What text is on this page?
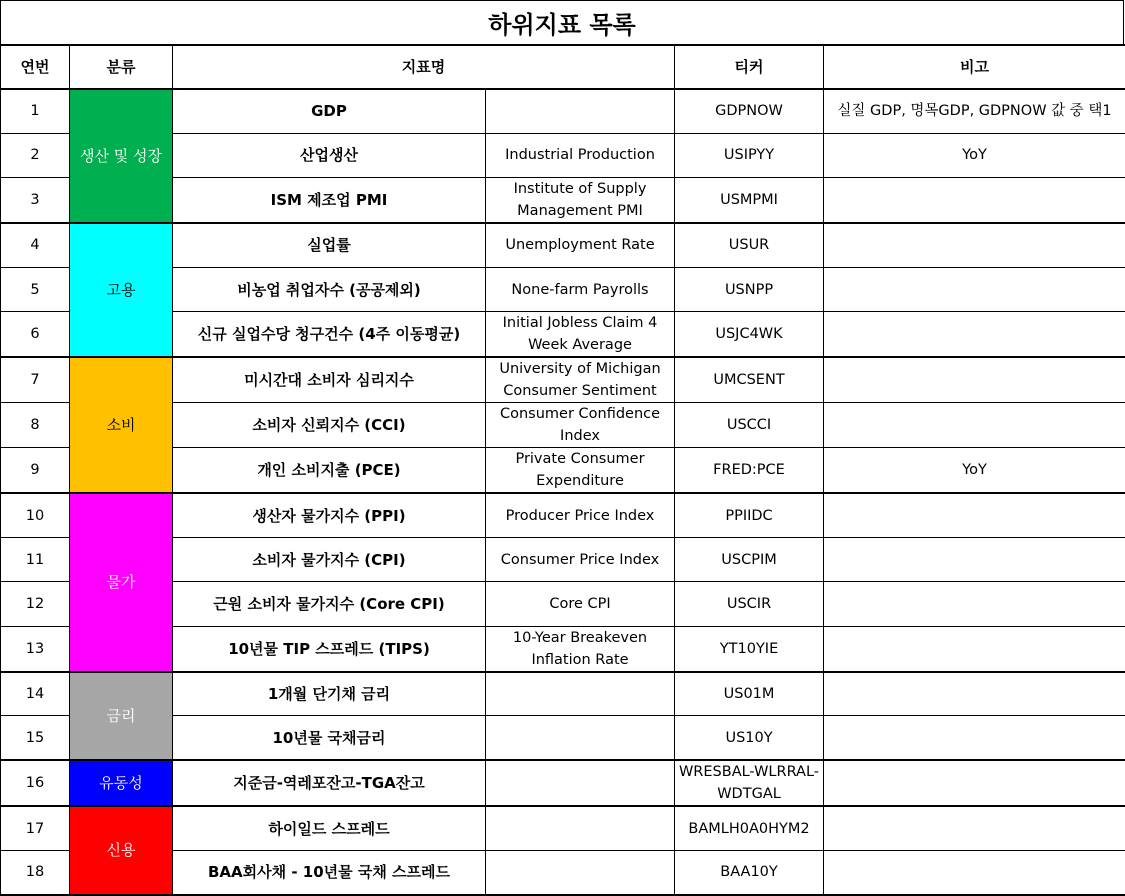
하위지표 목록
연번	분류	지표명		티커	비고
1	생산 및 성장	GDP		GDPNOW	실질 GDP, 명목GDP, GDPNOW 값 중 택1
2		산업생산	Industrial Production	USIPYY	YoY
3		ISM 제조업 PMI	Institute of Supply Management PMI	USMPMI	
4	고용	실업률	Unemployment Rate	USUR	
5		비농업 취업자수 (공공제외)	None-farm Payrolls	USNPP	
6		신규 실업수당 청구건수 (4주 이동평균)	Initial Jobless Claim 4 Week Average	USJC4WK	
7	소비	미시간대 소비자 심리지수	University of Michigan Consumer Sentiment	UMCSENT	
8		소비자 신뢰지수 (CCI)	Consumer Confidence Index	USCCI	
9		개인 소비지출 (PCE)	Private Consumer Expenditure	FRED:PCE	YoY
10	물가	생산자 물가지수 (PPI)	Producer Price Index	PPIIDC	
11		소비자 물가지수 (CPI)	Consumer Price Index	USCPIM	
12		근원 소비자 물가지수 (Core CPI)	Core CPI	USCIR	
13		10년물 TIP 스프레드 (TIPS)	10-Year Breakeven Inflation Rate	YT10YIE	
14	금리	1개월 단기채 금리		US01M	
15		10년물 국채금리		US10Y	
16	유동성	지준금-역레포잔고-TGA잔고		WRESBAL-WLRRAL-WDTGAL	
17	신용	하이일드 스프레드		BAMLH0A0HYM2	
18		BAA회사채 - 10년물 국채 스프레드		BAA10Y	
